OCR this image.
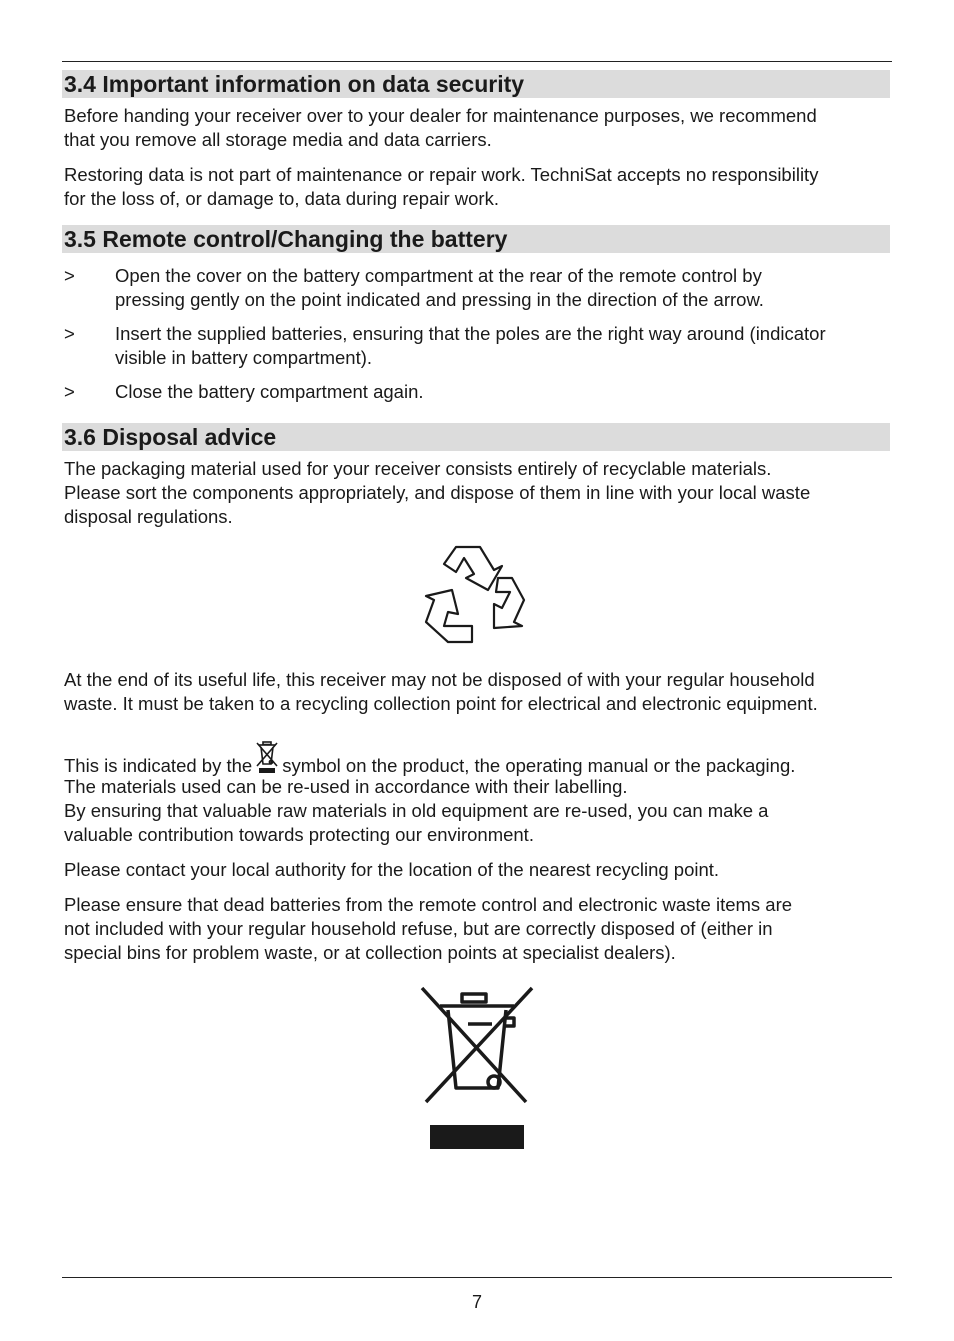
3.4 Important information on data security

Before handing your receiver over to your dealer for maintenance purposes, we recommend
that you remove all storage media and data carriers.

Restoring data is not part of maintenance or repair work. TechniSat accepts no responsibility
for the loss of, or damage to, data during repair work.

3.5 Remote control/Changing the battery
> Open the cover on the battery compartment at the rear of the remote control by
pressing gently on the point indicated and pressing in the direction of the arrow.
> Insert the supplied batteries, ensuring that the poles are the right way around (indicator
visible in battery compartment).
> Close the battery compartment again.
3.6 Disposal advice

The packaging material used for your receiver consists entirely of recyclable materials.
Please sort the components appropriately, and dispose of them in line with your local waste
disposal regulations.

At the end of its useful life, this receiver may not be disposed of with your regular household
waste. It must be taken to a recycling collection point for electrical and electronic equipment.

This is indicated by the symbol on the product, the operating manual or the packaging.

The materials used can be re-used in accordance with their labelling.
By ensuring that valuable raw materials in old equipment are re-used, you can make a
valuable contribution towards protecting our environment.

Please contact your local authority for the location of the nearest recycling point.

Please ensure that dead batteries from the remote control and electronic waste items are
not included with your regular household refuse, but are correctly disposed of (either in
special bins for problem waste, or at collection points at specialist dealers).

7
